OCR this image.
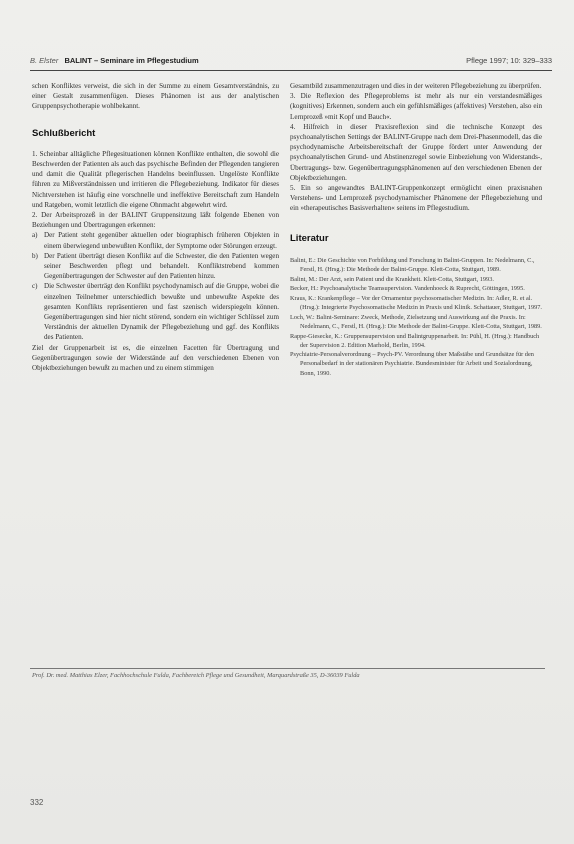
B. Elster BALINT – Seminare im Pflegestudium	Pflege 1997; 10: 329–333

schen Konfliktes verweist, die sich in der Summe zu einem Gesamtverständnis, zu einer Gestalt zusammenfügen. Dieses Phänomen ist aus der analytischen Gruppenpsychotherapie wohlbekannt.

Schlußbericht

1. Scheinbar alltägliche Pflegesituationen können Konflikte enthalten, die sowohl die Beschwerden der Patienten als auch das psychische Befinden der Pflegenden tangieren und damit die Qualität pflegerischen Handelns beeinflussen. Ungelöste Konflikte führen zu Mißverständnissen und irritieren die Pflegebeziehung. Indikator für dieses Nichtverstehen ist häufig eine vorschnelle und ineffektive Bereitschaft zum Handeln und Ratgeben, womit letztlich die eigene Ohnmacht abgewehrt wird.

2. Der Arbeitsprozeß in der BALINT Gruppensitzung läßt folgende Ebenen von Beziehungen und Übertragungen erkennen:

a) Der Patient steht gegenüber aktuellen oder biographisch früheren Objekten in einem überwiegend unbewußten Konflikt, der Symptome oder Störungen erzeugt.

b) Der Patient überträgt diesen Konflikt auf die Schwester, die den Patienten wegen seiner Beschwerden pflegt und behandelt. Konfliktstrebend kommen Gegenübertragungen der Schwester auf den Patienten hinzu.

c) Die Schwester überträgt den Konflikt psychodynamisch auf die Gruppe, wobei die einzelnen Teilnehmer unterschiedlich bewußte und unbewußte Aspekte des gesamten Konflikts repräsentieren und fast szenisch widerspiegeln können. Gegenübertragungen sind hier nicht störend, sondern ein wichtiger Schlüssel zum Verständnis der aktuellen Dynamik der Pflegebeziehung und ggf. des Konflikts des Patienten.

Ziel der Gruppenarbeit ist es, die einzelnen Facetten für Übertragung und Gegenübertragungen sowie der Widerstände auf den verschiedenen Ebenen von Objektbeziehungen bewußt zu machen und zu einem stimmigen

Gesamtbild zusammenzutragen und dies in der weiteren Pflegebeziehung zu überprüfen.

3. Die Reflexion des Pflegeproblems ist mehr als nur ein verstandesmäßiges (kognitives) Erkennen, sondern auch ein gefühlsmäßiges (affektives) Verstehen, also ein Lernprozeß »mit Kopf und Bauch«.

4. Hilfreich in dieser Praxisreflexion sind die technische Konzept des psychoanalytischen Settings der BALINT-Gruppe nach dem Drei-Phasenmodell, das die psychodynamische Arbeitsbereitschaft der Gruppe fördert unter Anwendung der psychoanalytischen Grund- und Abstinenzregel sowie Einbeziehung von Widerstands-, Übertragungs- bzw. Gegenübertragungsphänomenen auf den verschiedenen Ebenen der Objektbeziehungen.

5. Ein so angewandtes BALINT-Gruppenkonzept ermöglicht einen praxisnahen Verstehens- und Lernprozeß psychodynamischer Phänomene der Pflegebeziehung und ein »therapeutisches Basisverhalten« seitens im Pflegestudium.

Literatur

Balint, E.: Die Geschichte von Forbildung und Forschung in Balint-Gruppen. In: Nedelmann, C., Ferstl, H. (Hrsg.): Die Methode der Balint-Gruppe. Klett-Cotta, Stuttgart, 1989.

Balint, M.: Der Arzt, sein Patient und die Krankheit. Klett-Cotta, Stuttgart, 1993.

Becker, H.: Psychoanalytische Teamsupervision. Vandenhoeck & Ruprecht, Göttingen, 1995.

Kraus, K.: Krankenpflege – Vor der Ornamentur psychosomatischer Medizin. In: Adler, R. et al. (Hrsg.): Integrierte Psychosomatische Medizin in Praxis und Klinik. Schattauer, Stuttgart, 1997.

Loch, W.: Balint-Seminare: Zweck, Methode, Zielsetzung und Auswirkung auf die Praxis. In: Nedelmann, C., Ferstl, H. (Hrsg.): Die Methode der Balint-Gruppe. Klett-Cotta, Stuttgart, 1989.

Rappe-Giesecke, K.: Gruppensupervision und Balintgruppenarbeit. In: Pühl, H. (Hrsg.): Handbuch der Supervision 2. Edition Marhold, Berlin, 1994.

Psychiatrie-Personalverordnung – Psych-PV. Verordnung über Maßstäbe und Grundsätze für den Personalbedarf in der stationären Psychiatrie. Bundesminister für Arbeit und Sozialordnung, Bonn, 1990.

Prof. Dr. med. Matthias Elzer, Fachhochschule Fulda, Fachbereich Pflege und Gesundheit, Marquardstraße 35, D-36039 Fulda
332
